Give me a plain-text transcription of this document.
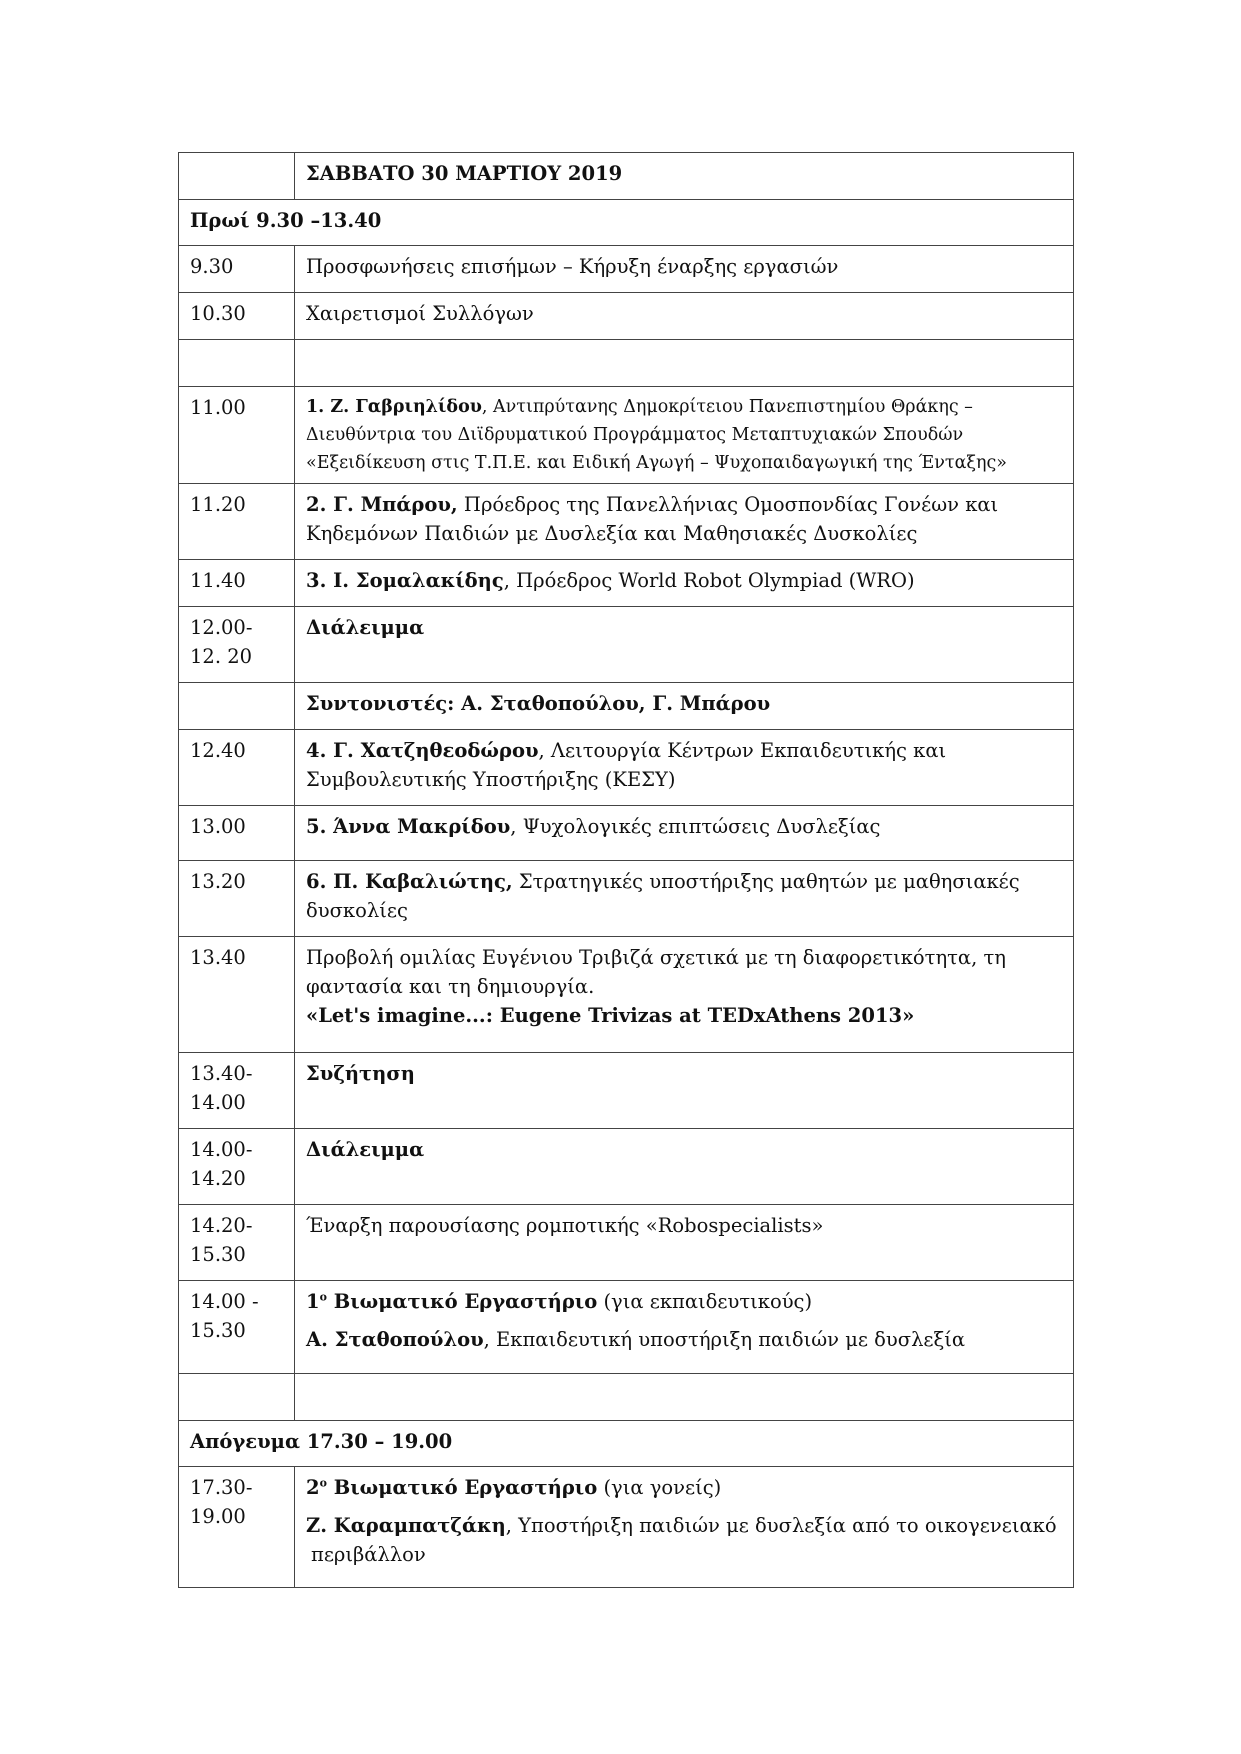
	ΣΑΒΒΑΤΟ 30 ΜΑΡΤΙΟΥ 2019
Πρωί 9.30 –13.40	
9.30	Προσφωνήσεις επισήμων – Κήρυξη έναρξης εργασιών
10.30	Χαιρετισμοί Συλλόγων

11.00	1. Ζ. Γαβριηλίδου, Αντιπρύτανης Δημοκρίτειου Πανεπιστημίου Θράκης – Διευθύντρια του Διϊδρυματικού Προγράμματος Μεταπτυχιακών Σπουδών «Εξειδίκευση στις Τ.Π.Ε. και Ειδική Αγωγή – Ψυχοπαιδαγωγική της Ένταξης»
11.20	2. Γ. Μπάρου, Πρόεδρος της Πανελλήνιας Ομοσπονδίας Γονέων και Κηδεμόνων Παιδιών με Δυσλεξία και Μαθησιακές Δυσκολίες
11.40	3. Ι. Σομαλακίδης, Πρόεδρος World Robot Olympiad (WRO)

12.00-
12. 20	Διάλειμμα
	Συντονιστές: Α. Σταθοπούλου, Γ. Μπάρου
12.40	4. Γ. Χατζηθεοδώρου, Λειτουργία Κέντρων Εκπαιδευτικής και Συμβουλευτικής Υποστήριξης (ΚΕΣΥ)
13.00	5. Άννα Μακρίδου, Ψυχολογικές επιπτώσεις Δυσλεξίας
13.20	6. Π. Καβαλιώτης, Στρατηγικές υποστήριξης μαθητών με μαθησιακές δυσκολίες
13.40	Προβολή ομιλίας Ευγένιου Τριβιζά σχετικά με τη διαφορετικότητα, τη φαντασία και τη δημιουργία.
«Let's imagine...: Eugene Trivizas at TEDxAthens 2013»

13.40-
14.00	Συζήτηση

14.00-
14.20	Διάλειμμα

14.20-
15.30	Έναρξη παρουσίασης ρομποτικής «Robospecialists»

14.00 -
15.30	$1^o$ Βιωματικό Εργαστήριο (για εκπαιδευτικούς)
Α. Σταθοπούλου, Εκπαιδευτική υποστήριξη παιδιών με δυσλεξία

Απόγευμα 17.30 – 19.00	

17.30-
19.00	$2^o$ Βιωματικό Εργαστήριο (για γονείς)
Ζ. Καραμπατζάκη, Υποστήριξη παιδιών με δυσλεξία από το οικογενειακό
περιβάλλον
